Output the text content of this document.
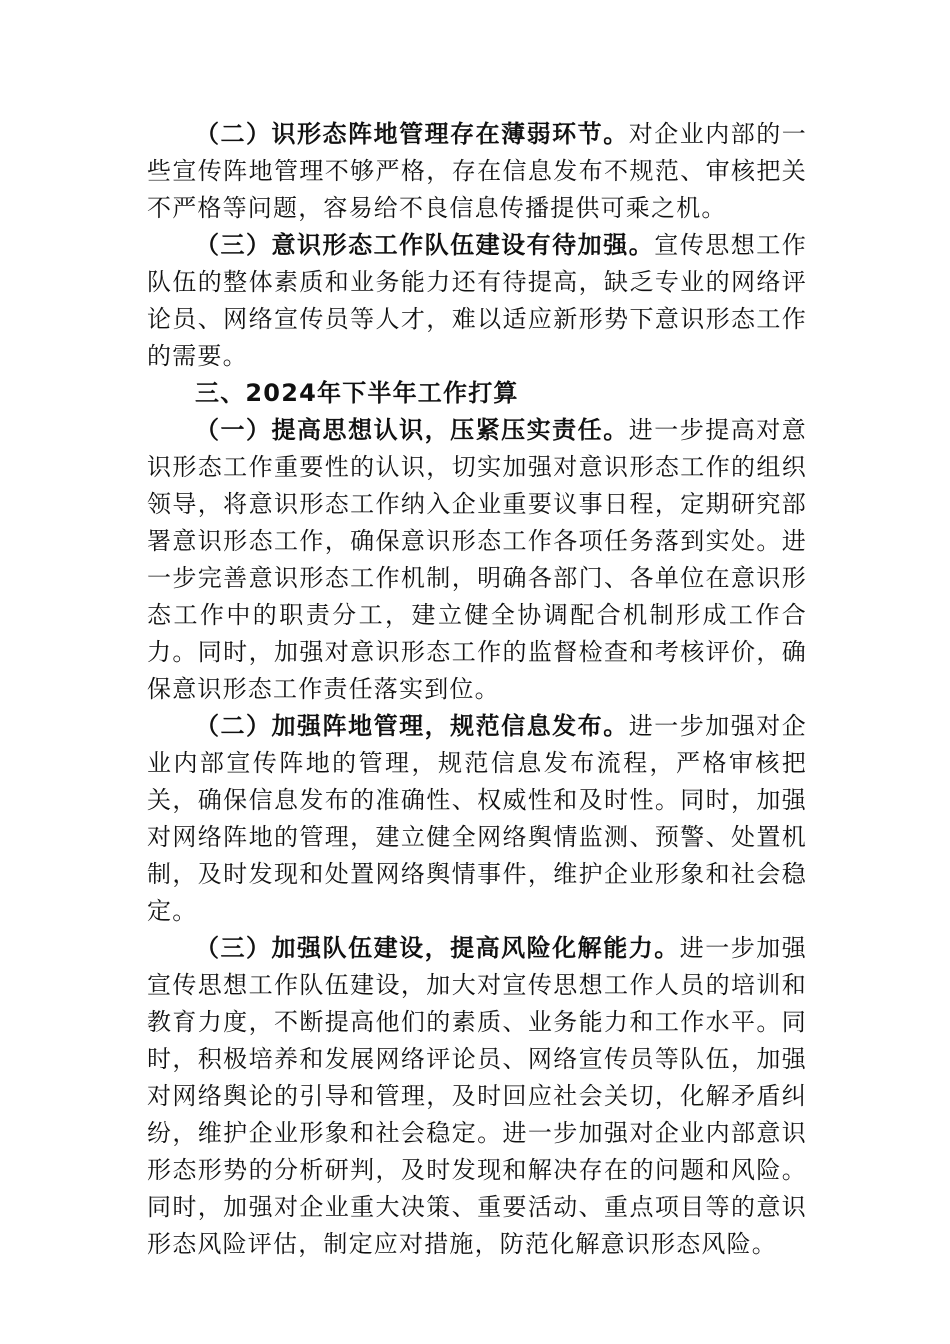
（二）识形态阵地管理存在薄弱环节。对企业内部的一些宣传阵地管理不够严格，存在信息发布不规范、审核把关不严格等问题，容易给不良信息传播提供可乘之机。

（三）意识形态工作队伍建设有待加强。宣传思想工作队伍的整体素质和业务能力还有待提高，缺乏专业的网络评论员、网络宣传员等人才，难以适应新形势下意识形态工作的需要。

三、2024年下半年工作打算

（一）提高思想认识，压紧压实责任。进一步提高对意识形态工作重要性的认识，切实加强对意识形态工作的组织领导，将意识形态工作纳入企业重要议事日程，定期研究部署意识形态工作，确保意识形态工作各项任务落到实处。进一步完善意识形态工作机制，明确各部门、各单位在意识形态工作中的职责分工，建立健全协调配合机制形成工作合力。同时，加强对意识形态工作的监督检查和考核评价，确保意识形态工作责任落实到位。

（二）加强阵地管理，规范信息发布。进一步加强对企业内部宣传阵地的管理，规范信息发布流程，严格审核把关，确保信息发布的准确性、权威性和及时性。同时，加强对网络阵地的管理，建立健全网络舆情监测、预警、处置机制，及时发现和处置网络舆情事件，维护企业形象和社会稳定。

（三）加强队伍建设，提高风险化解能力。进一步加强宣传思想工作队伍建设，加大对宣传思想工作人员的培训和教育力度，不断提高他们的素质、业务能力和工作水平。同时，积极培养和发展网络评论员、网络宣传员等队伍，加强对网络舆论的引导和管理，及时回应社会关切，化解矛盾纠纷，维护企业形象和社会稳定。进一步加强对企业内部意识形态形势的分析研判，及时发现和解决存在的问题和风险。同时，加强对企业重大决策、重要活动、重点项目等的意识形态风险评估，制定应对措施，防范化解意识形态风险。
